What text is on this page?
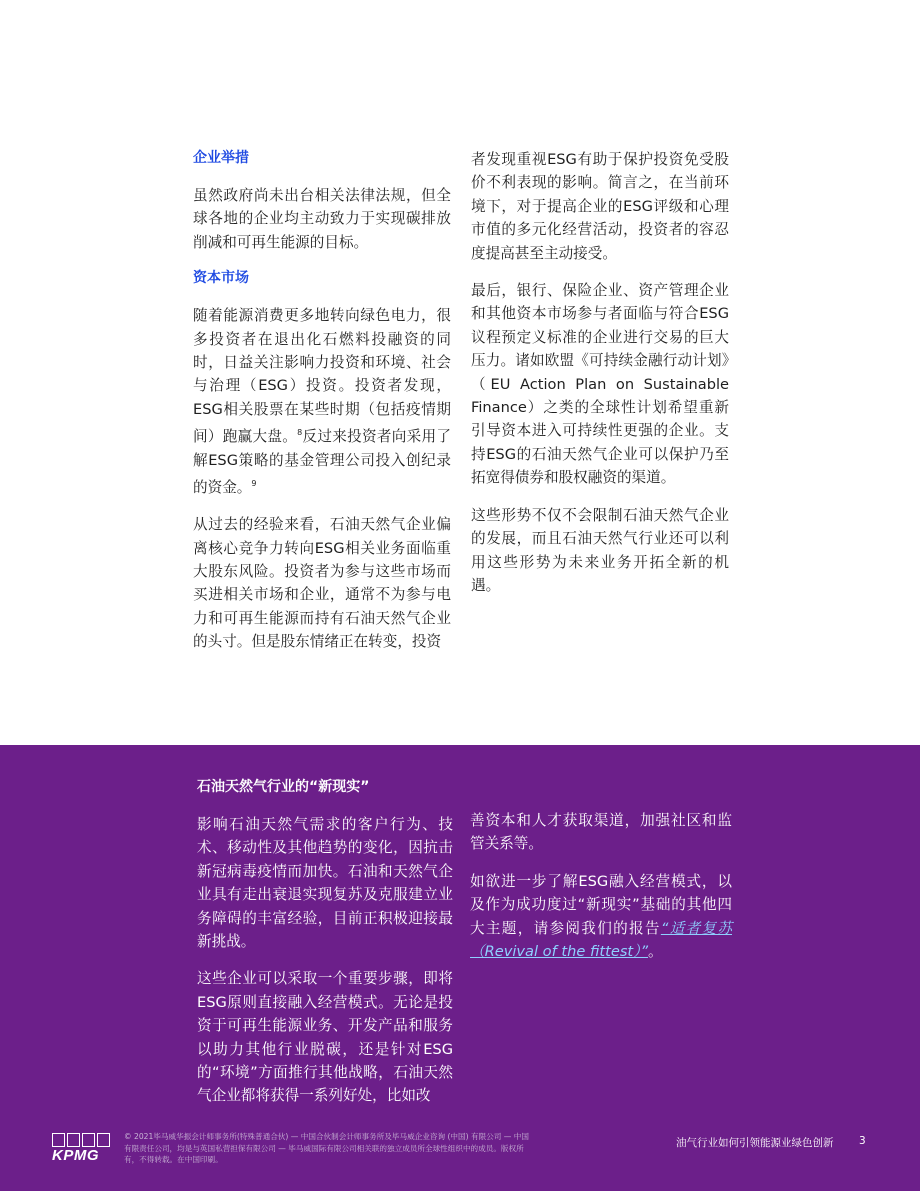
企业举措

虽然政府尚未出台相关法律法规，但全球各地的企业均主动致力于实现碳排放削减和可再生能源的目标。

资本市场

随着能源消费更多地转向绿色电力，很多投资者在退出化石燃料投融资的同时，日益关注影响力投资和环境、社会与治理（ESG）投资。投资者发现，ESG相关股票在某些时期（包括疫情期间）跑赢大盘。$^8$反过来投资者向采用了解ESG策略的基金管理公司投入创纪录的资金。$^9$

从过去的经验来看，石油天然气企业偏离核心竞争力转向ESG相关业务面临重大股东风险。投资者为参与这些市场而买进相关市场和企业，通常不为参与电力和可再生能源而持有石油天然气企业的头寸。但是股东情绪正在转变，投资

者发现重视ESG有助于保护投资免受股价不利表现的影响。简言之，在当前环境下，对于提高企业的ESG评级和心理市值的多元化经营活动，投资者的容忍度提高甚至主动接受。

最后，银行、保险企业、资产管理企业和其他资本市场参与者面临与符合ESG议程预定义标准的企业进行交易的巨大压力。诸如欧盟《可持续金融行动计划》（EU Action Plan on Sustainable Finance）之类的全球性计划希望重新引导资本进入可持续性更强的企业。支持ESG的石油天然气企业可以保护乃至拓宽得债券和股权融资的渠道。

这些形势不仅不会限制石油天然气企业的发展，而且石油天然气行业还可以利用这些形势为未来业务开拓全新的机遇。

石油天然气行业的“新现实”

影响石油天然气需求的客户行为、技术、移动性及其他趋势的变化，因抗击新冠病毒疫情而加快。石油和天然气企业具有走出衰退实现复苏及克服建立业务障碍的丰富经验，目前正积极迎接最新挑战。

这些企业可以采取一个重要步骤，即将ESG原则直接融入经营模式。无论是投资于可再生能源业务、开发产品和服务以助力其他行业脱碳，还是针对ESG的“环境”方面推行其他战略，石油天然气企业都将获得一系列好处，比如改

善资本和人才获取渠道，加强社区和监管关系等。

如欲进一步了解ESG融入经营模式，以及作为成功度过“新现实”基础的其他四大主题，请参阅我们的报告“适者复苏（Revival of the fittest）”。

KPMG
© 2021毕马威华振会计师事务所(特殊普通合伙) — 中国合伙制会计师事务所及毕马威企业咨询 (中国) 有限公司 — 中国有限责任公司，均是与英国私营担保有限公司 — 毕马威国际有限公司相关联的独立成员所全球性组织中的成员。版权所有，不得转载。在中国印刷。
油气行业如何引领能源业绿色创新 3
